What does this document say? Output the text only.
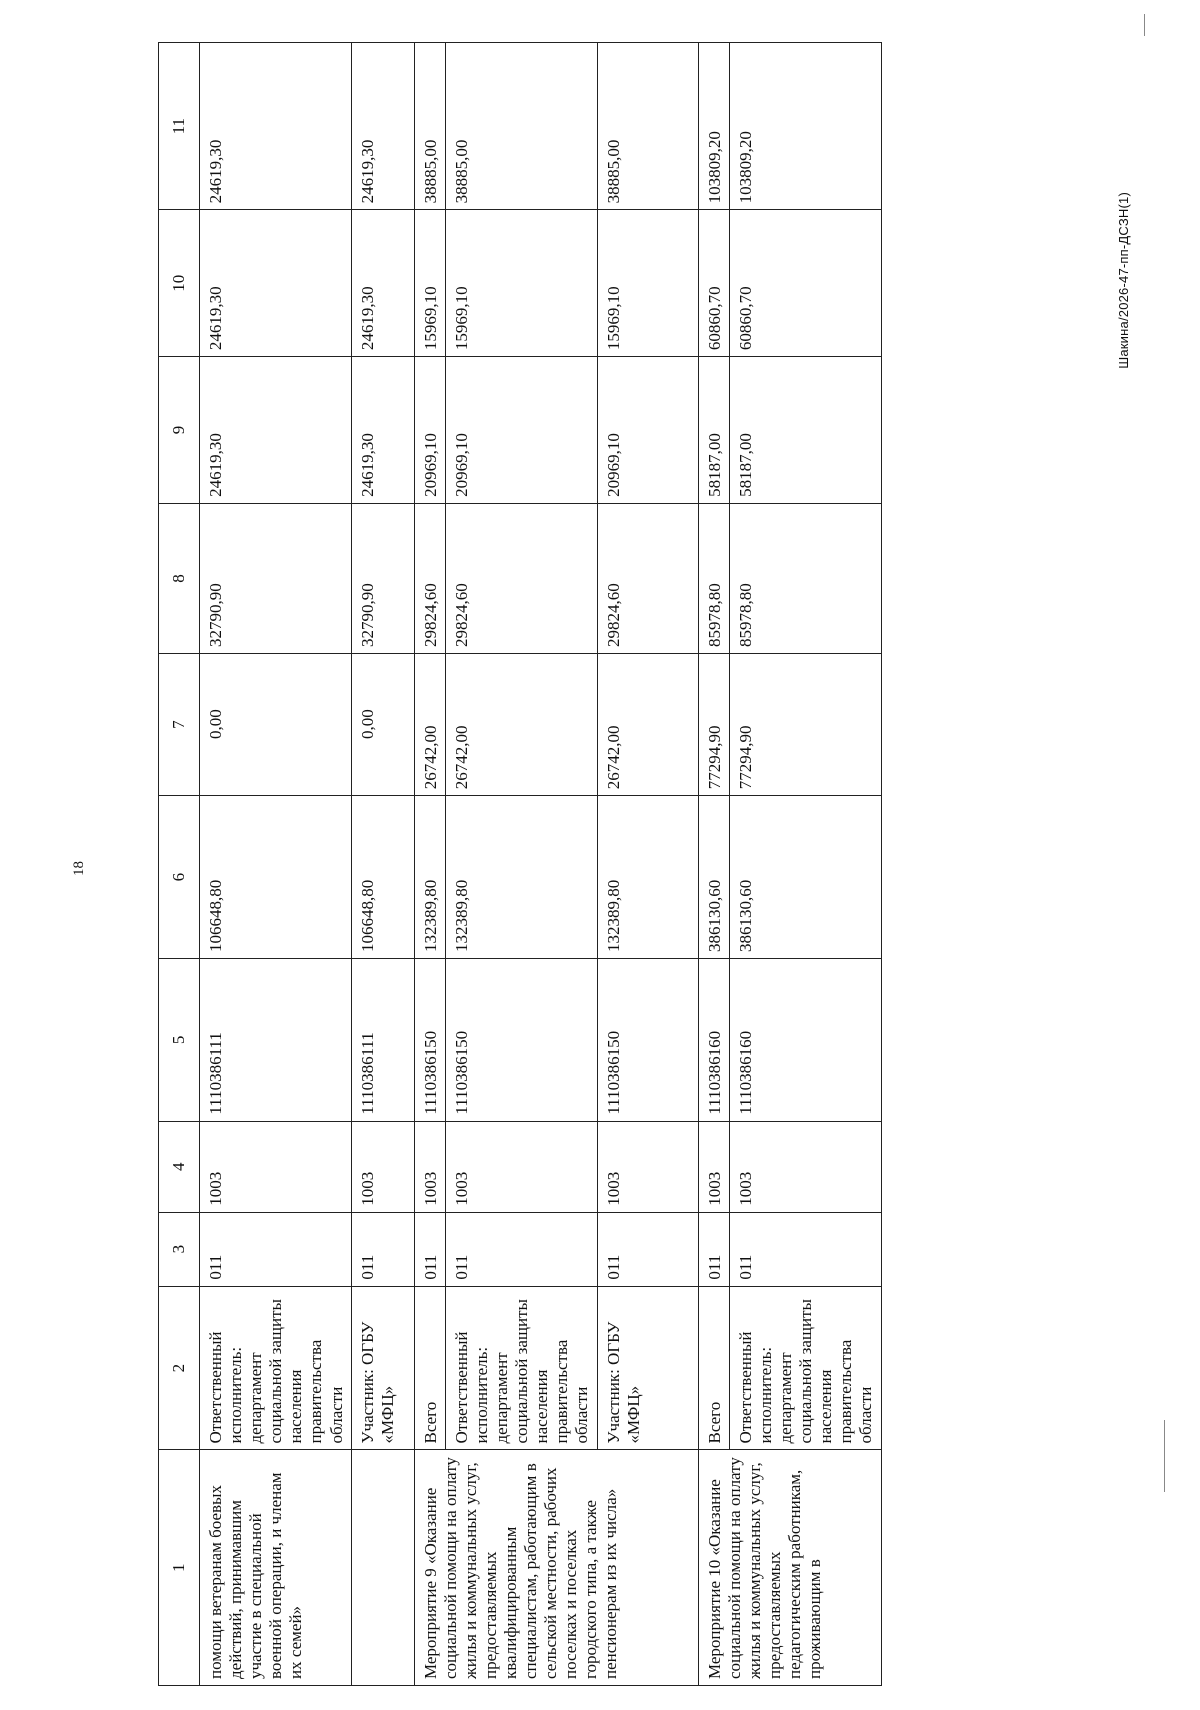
18
Шакина/2026-47-пп-ДСЗН(1)
1	2	3	4	5	6	7	8	9	10	11
помощи ветеранам боевых действий, принимавшим участие в специальной военной операции, и членам их семей»	Ответственный исполнитель: департамент социальной защиты населения правительства области	011	1003	1110386111	106648,80	0,00	32790,90	24619,30	24619,30	24619,30
	Участник: ОГБУ «МФЦ»	011	1003	1110386111	106648,80	0,00	32790,90	24619,30	24619,30	24619,30
Мероприятие 9 «Оказание социальной помощи на оплату жилья и коммунальных услуг, предоставляемых квалифицированным специалистам, работающим в сельской местности, рабочих поселках и поселках городского типа, а также пенсионерам из их числа»	Всего	011	1003	1110386150	132389,80	26742,00	29824,60	20969,10	15969,10	38885,00
	Ответственный исполнитель: департамент социальной защиты населения правительства области	011	1003	1110386150	132389,80	26742,00	29824,60	20969,10	15969,10	38885,00
	Участник: ОГБУ «МФЦ»	011	1003	1110386150	132389,80	26742,00	29824,60	20969,10	15969,10	38885,00
Мероприятие 10 «Оказание социальной помощи на оплату жилья и коммунальных услуг, предоставляемых педагогическим работникам, проживающим в	Всего	011	1003	1110386160	386130,60	77294,90	85978,80	58187,00	60860,70	103809,20
	Ответственный исполнитель: департамент социальной защиты населения правительства области	011	1003	1110386160	386130,60	77294,90	85978,80	58187,00	60860,70	103809,20
